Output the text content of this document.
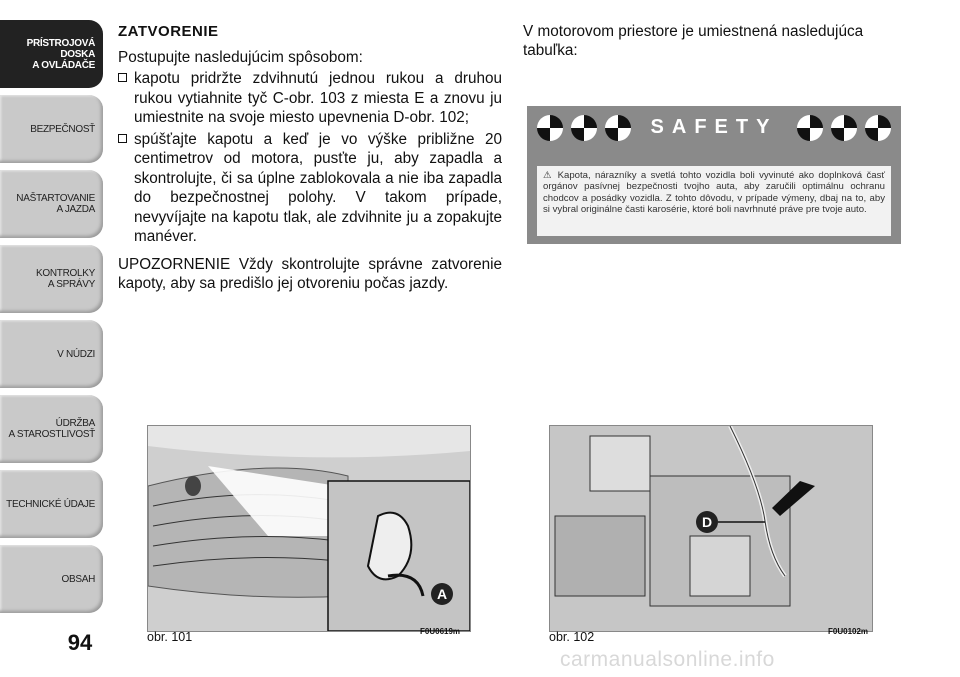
PRÍSTROJOVÁ
DOSKA
A OVLÁDAČE
BEZPEČNOSŤ
NAŠTARTOVANIE
A JAZDA
KONTROLKY
A SPRÁVY
V NÚDZI
ÚDRŽBA
A STAROSTLIVOSŤ
TECHNICKÉ ÚDAJE
OBSAH
94
ZATVORENIE

Postupujte nasledujúcim spôsobom:

kapotu pridržte zdvihnutú jednou rukou a druhou rukou vytiahnite tyč C-obr. 103 z miesta E a znovu ju umiestnite na svoje miesto upevnenia D-obr. 102;
spúšťajte kapotu a keď je vo výške približne 20 centimetrov od motora, pusťte ju, aby zapadla a skontrolujte, či sa úplne zablokovala a nie iba zapadla do bezpečnostnej polohy. V takom prípade, nevyvíjajte na kapotu tlak, ale zdvihnite ju a zopakujte manéver.

UPOZORNENIE Vždy skontrolujte správne zatvorenie kapoty, aby sa predišlo jej otvoreniu počas jazdy.

V motorovom priestore je umiestnená nasledujúca tabuľka:
SAFETY
⚠ Kapota, nárazníky a svetlá tohto vozidla boli vyvinuté ako doplnková časť orgánov pasívnej bezpečnosti tvojho auta, aby zaručili optimálnu ochranu chodcov a posádky vozidla. Z tohto dôvodu, v prípade výmeny, dbaj na to, aby si vybral originálne časti karosérie, ktoré boli navrhnuté práve pre tvoje auto.
A
obr. 101	F0U0619m
D
obr. 102	F0U0102m
carmanualsonline.info
